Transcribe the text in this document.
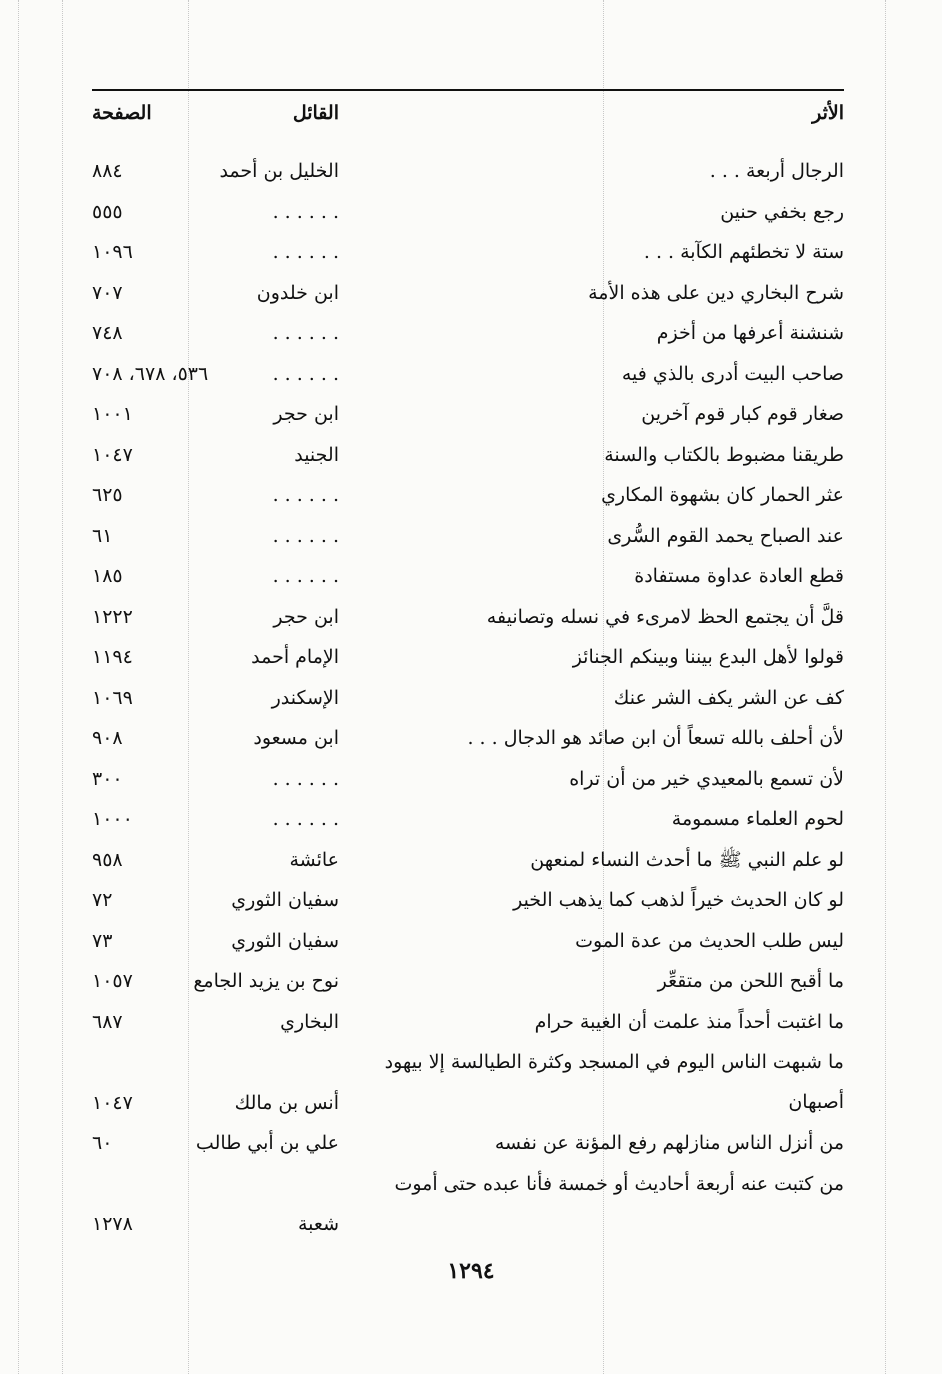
الأثر
القائل
الصفحة
الرجال أربعة . . .
الخليل بن أحمد
٨٨٤
رجع بخفي حنين
. . . . . .
٥٥٥
ستة لا تخطئهم الكآبة . . .
. . . . . .
١٠٩٦
شرح البخاري دين على هذه الأمة
ابن خلدون
٧٠٧
شنشنة أعرفها من أخزم
. . . . . .
٧٤٨
صاحب البيت أدرى بالذي فيه
. . . . . .
٥٣٦، ٦٧٨، ٧٠٨
صغار قوم كبار قوم آخرين
ابن حجر
١٠٠١
طريقنا مضبوط بالكتاب والسنة
الجنيد
١٠٤٧
عثر الحمار كان بشهوة المكاري
. . . . . .
٦٢٥
عند الصباح يحمد القوم السُّرى
. . . . . .
٦١
قطع العادة عداوة مستفادة
. . . . . .
١٨٥
قلَّ أن يجتمع الحظ لامرىء في نسله وتصانيفه
ابن حجر
١٢٢٢
قولوا لأهل البدع بيننا وبينكم الجنائز
الإمام أحمد
١١٩٤
كف عن الشر يكف الشر عنك
الإسكندر
١٠٦٩
لأن أحلف بالله تسعاً أن ابن صائد هو الدجال . . .
ابن مسعود
٩٠٨
لأن تسمع بالمعيدي خير من أن تراه
. . . . . .
٣٠٠
لحوم العلماء مسمومة
. . . . . .
١٠٠٠
لو علم النبي ﷺ ما أحدث النساء لمنعهن
عائشة
٩٥٨
لو كان الحديث خيراً لذهب كما يذهب الخير
سفيان الثوري
٧٢
ليس طلب الحديث من عدة الموت
سفيان الثوري
٧٣
ما أقبح اللحن من متقعِّر
نوح بن يزيد الجامع
١٠٥٧
ما اغتبت أحداً منذ علمت أن الغيبة حرام
البخاري
٦٨٧
ما شبهت الناس اليوم في المسجد وكثرة الطيالسة إلا بيهود أصبهان
أنس بن مالك
١٠٤٧
من أنزل الناس منازلهم رفع المؤنة عن نفسه
علي بن أبي طالب
٦٠
من كتبت عنه أربعة أحاديث أو خمسة فأنا عبده حتى أموت
شعبة
١٢٧٨
١٢٩٤
